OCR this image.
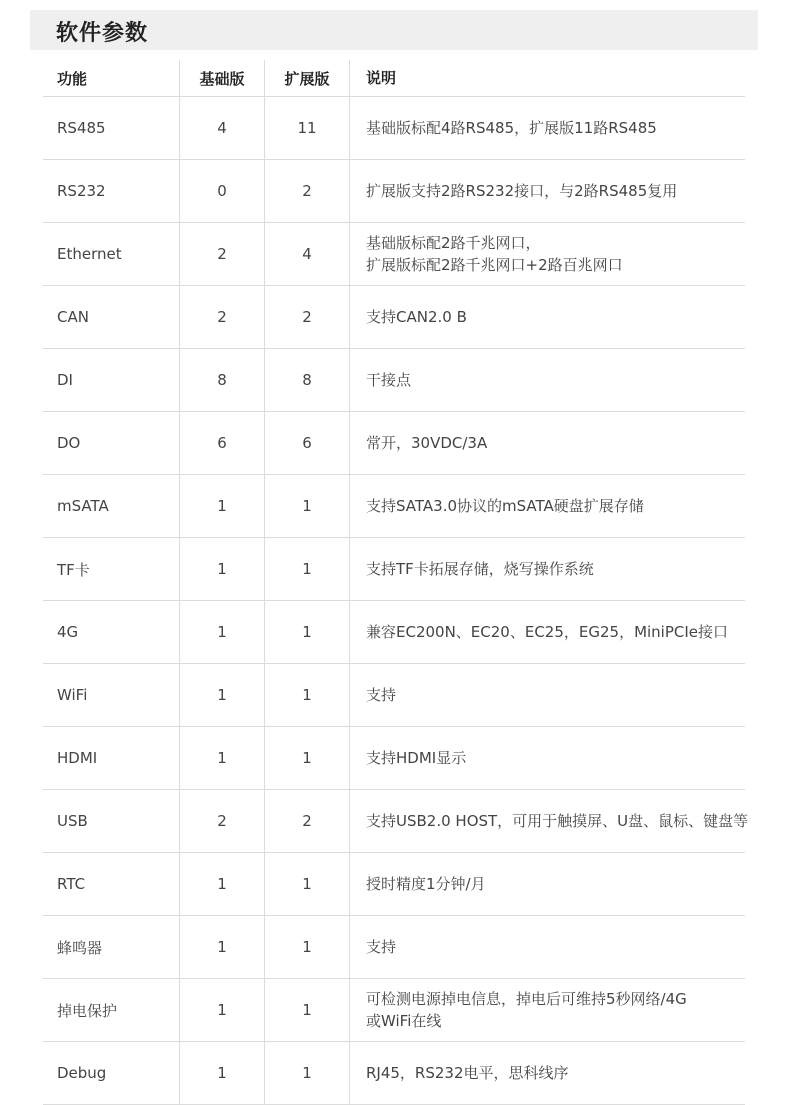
软件参数
功能	基础版	扩展版	说明
RS485	4	11	基础版标配4路RS485，扩展版11路RS485

RS232	0	2	扩展版支持2路RS232接口，与2路RS485复用

Ethernet	2	4	基础版标配2路千兆网口，
扩展版标配2路千兆网口+2路百兆网口

CAN	2	2	支持CAN2.0 B

DI	8	8	干接点

DO	6	6	常开，30VDC/3A

mSATA	1	1	支持SATA3.0协议的mSATA硬盘扩展存储

TF卡	1	1	支持TF卡拓展存储，烧写操作系统

4G	1	1	兼容EC200N、EC20、EC25，EG25，MiniPCIe接口

WiFi	1	1	支持

HDMI	1	1	支持HDMI显示

USB	2	2	支持USB2.0 HOST，可用于触摸屏、U盘、鼠标、键盘等

RTC	1	1	授时精度1分钟/月

蜂鸣器	1	1	支持

掉电保护	1	1	可检测电源掉电信息，掉电后可维持5秒网络/4G
或WiFi在线

Debug	1	1	RJ45，RS232电平，思科线序
